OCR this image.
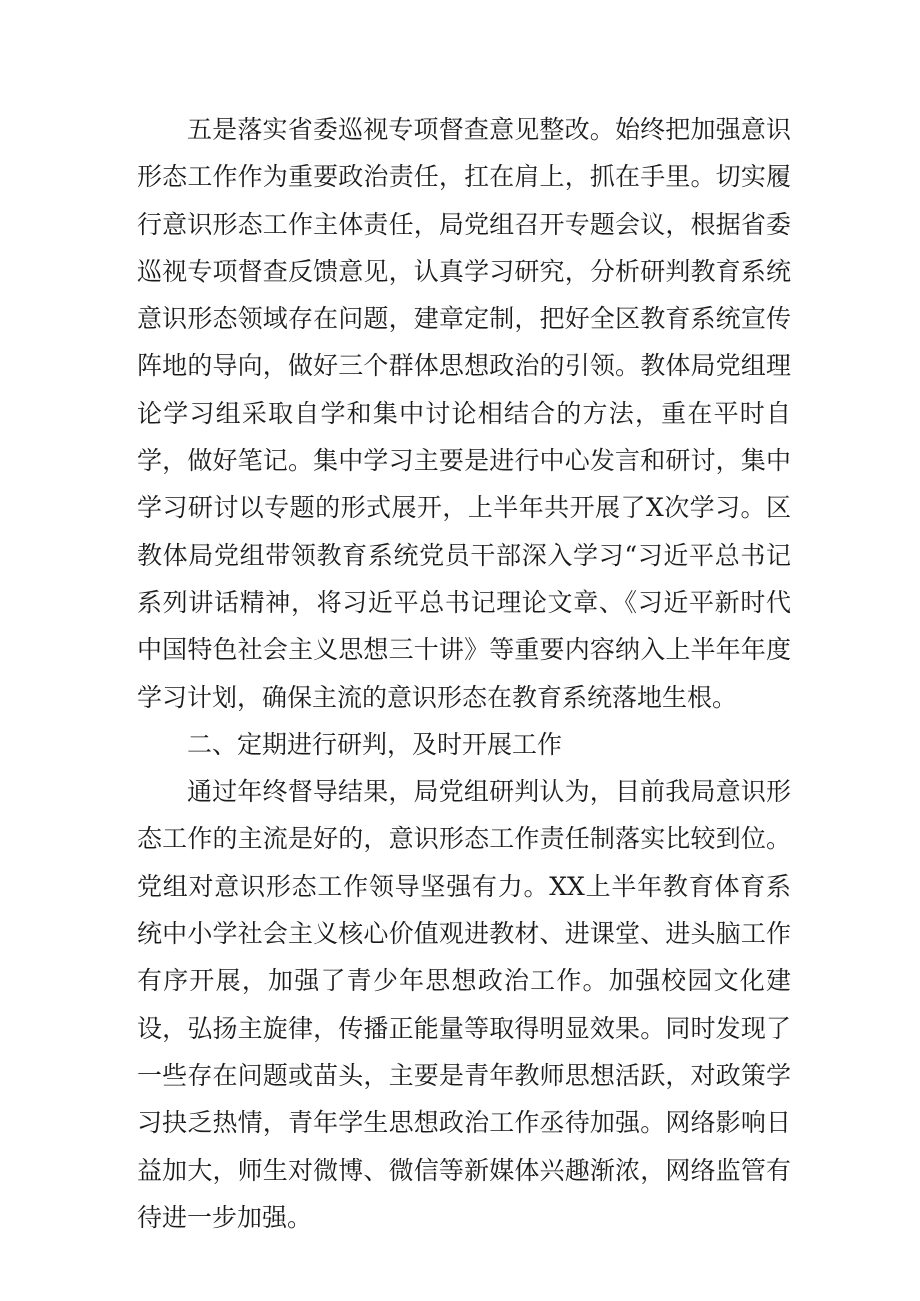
五是落实省委巡视专项督查意见整改。始终把加强意识形态工作作为重要政治责任，扛在肩上，抓在手里。切实履行意识形态工作主体责任，局党组召开专题会议，根据省委巡视专项督查反馈意见，认真学习研究，分析研判教育系统意识形态领域存在问题，建章定制，把好全区教育系统宣传阵地的导向，做好三个群体思想政治的引领。教体局党组理论学习组采取自学和集中讨论相结合的方法，重在平时自学，做好笔记。集中学习主要是进行中心发言和研讨，集中学习研讨以专题的形式展开，上半年共开展了X次学习。区教体局党组带领教育系统党员干部深入学习“习近平总书记系列讲话精神，将习近平总书记理论文章、《习近平新时代中国特色社会主义思想三十讲》等重要内容纳入上半年年度学习计划，确保主流的意识形态在教育系统落地生根。

二、定期进行研判，及时开展工作

通过年终督导结果，局党组研判认为，目前我局意识形态工作的主流是好的，意识形态工作责任制落实比较到位。党组对意识形态工作领导坚强有力。XX上半年教育体育系统中小学社会主义核心价值观进教材、进课堂、进头脑工作有序开展，加强了青少年思想政治工作。加强校园文化建设，弘扬主旋律，传播正能量等取得明显效果。同时发现了一些存在问题或苗头，主要是青年教师思想活跃，对政策学习抉乏热情，青年学生思想政治工作丞待加强。网络影响日益加大，师生对微博、微信等新媒体兴趣渐浓，网络监管有待进一步加强。
